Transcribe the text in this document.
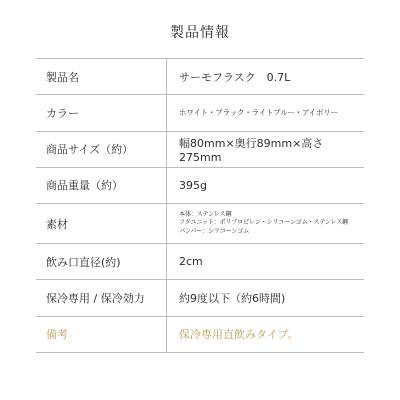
製品情報
製品名	サーモフラスク　0.7L
カラー	ホワイト・ブラック・ライトブルー・アイボリー
商品サイズ（約）	幅80mm×奥行89mm×高さ275mm
商品重量（約）	395g
素材	本体：ステンレス鋼
フタユニット：ポリプロピレン・シリコーンゴム・ステンレス鋼
パンパー：シリコーンゴム

飲み口直径(約)	2cm
保冷専用 / 保冷効力	約9度以下（約6時間)
備考	保冷専用直飲みタイプ。
